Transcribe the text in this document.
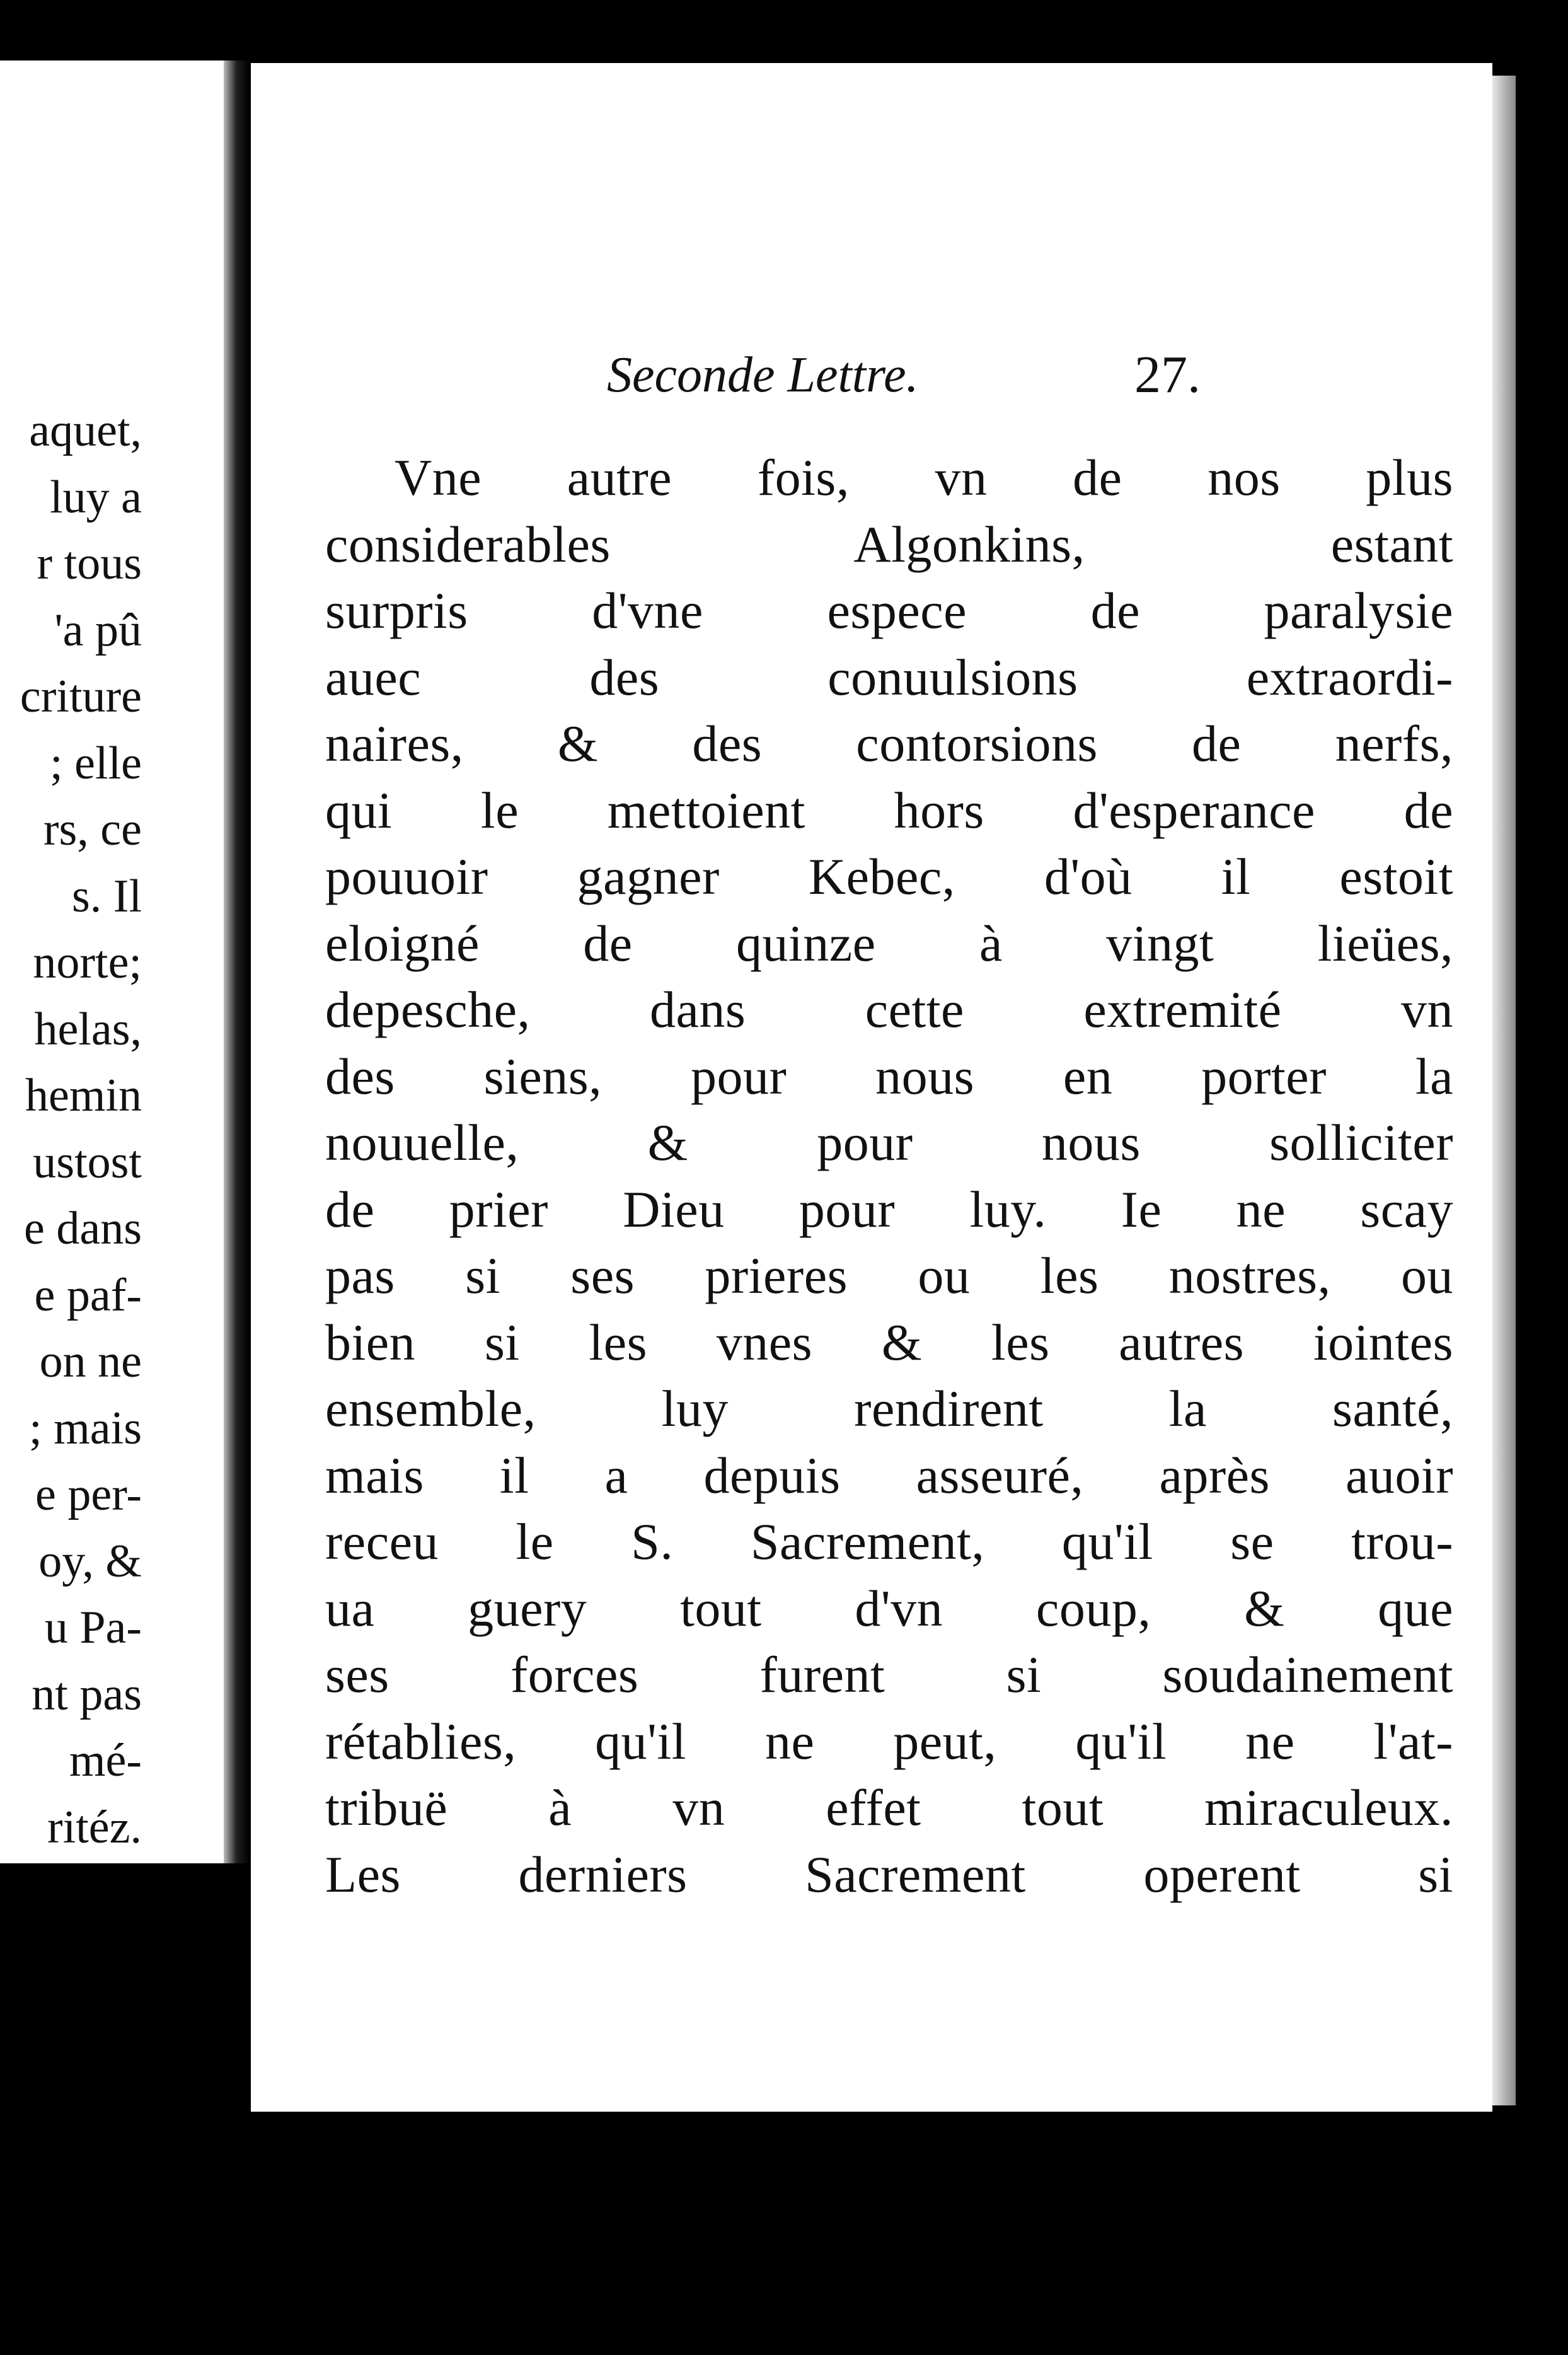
aquet,
luy a
r tous
'a pû
criture
; elle
rs, ce
s. Il
norte;
helas,
hemin
ustost
e dans
e paf-
on ne
; mais
e per-
oy, &
u Pa-
nt pas
mé-
ritéz.
Seconde Lettre.	27.
Vne autre fois, vn de nos plus
considerables Algonkins, estant
surpris d'vne espece de paralysie
auec des conuulsions extraordi-
naires, & des contorsions de nerfs,
qui le mettoient hors d'esperance de
pouuoir gagner Kebec, d'où il estoit
eloigné de quinze à vingt lieües,
depesche, dans cette extremité vn
des siens, pour nous en porter la
nouuelle, & pour nous solliciter
de prier Dieu pour luy. Ie ne scay
pas si ses prieres ou les nostres, ou
bien si les vnes & les autres iointes
ensemble, luy rendirent la santé,
mais il a depuis asseuré, après auoir
receu le S. Sacrement, qu'il se trou-
ua guery tout d'vn coup, & que
ses forces furent si soudainement
rétablies, qu'il ne peut, qu'il ne l'at-
tribuë à vn effet tout miraculeux.
Les derniers Sacrement operent si
